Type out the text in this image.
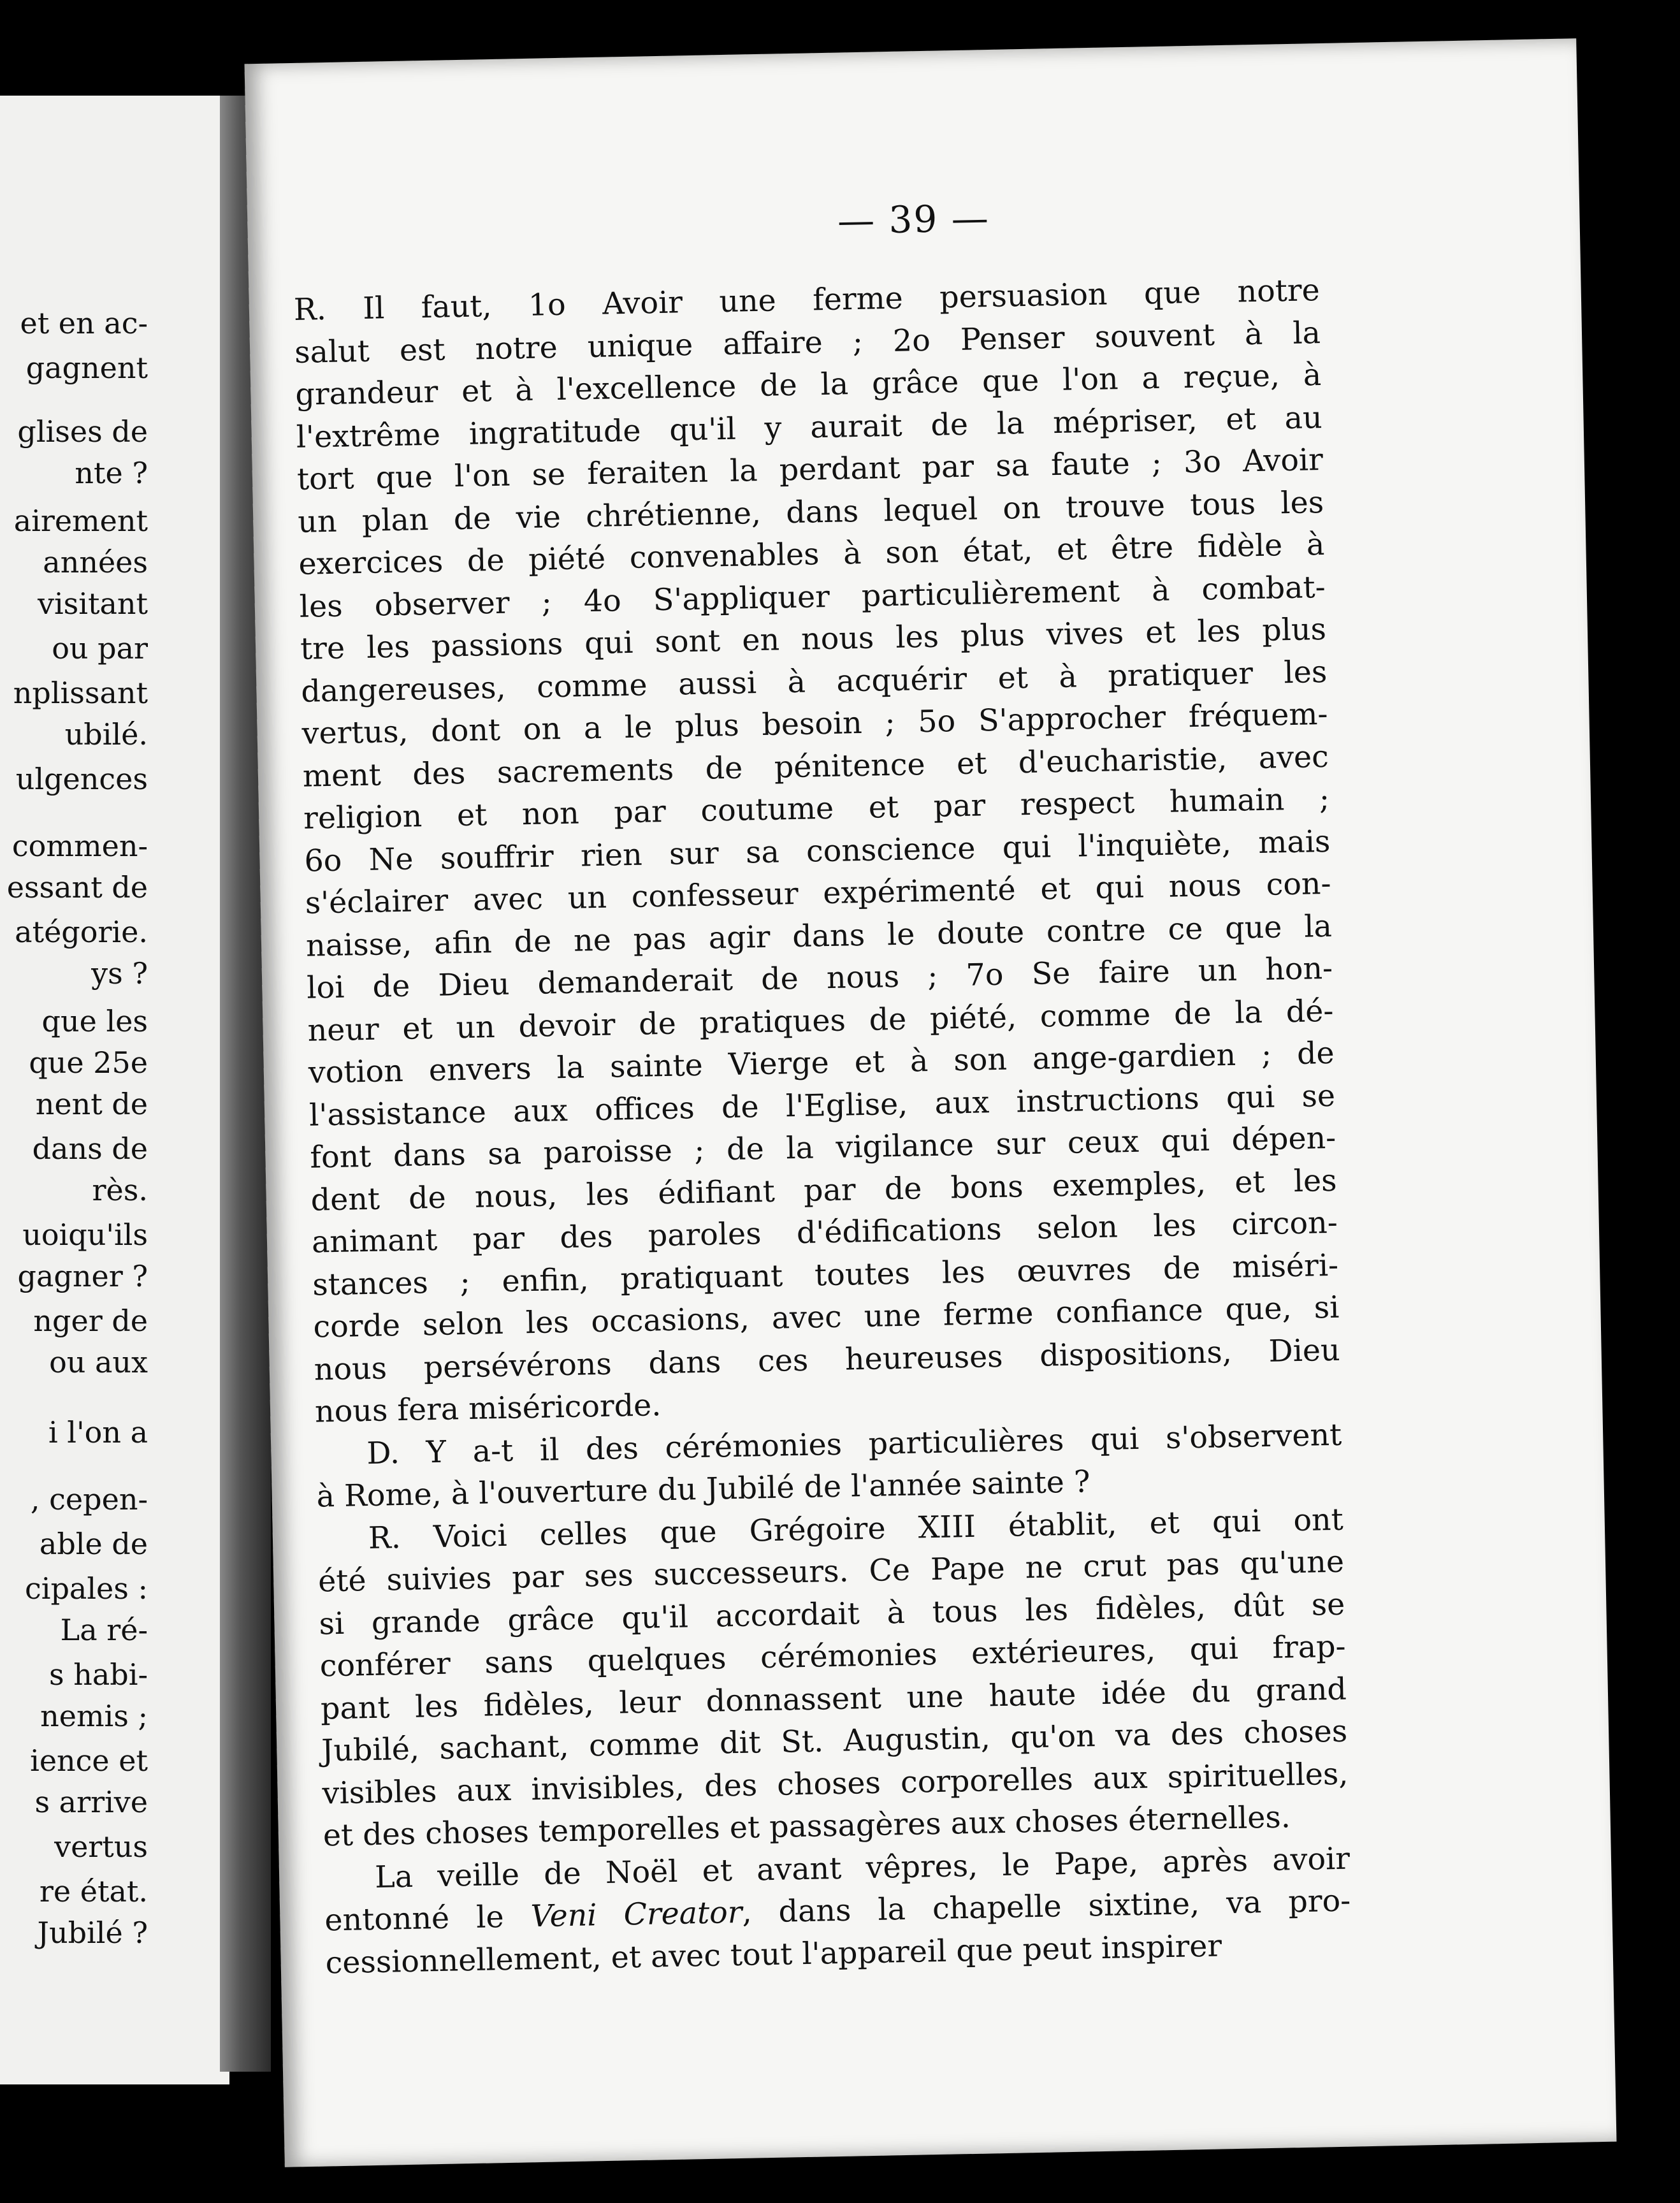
et en ac-
gagnent
glises de
nte ?
airement
années
visitant
ou par
nplissant
ubilé.
ulgences
commen-
essant de
atégorie.
ys ?
que les
que 25e
nent de
dans de
rès.
uoiqu'ils
gagner ?
nger de
ou aux
i l'on a
, cepen-
able de
cipales :
La ré-
s habi-
nemis ;
ience et
s arrive
vertus
re état.
Jubilé ?
— 39 —

R. Il faut, 1o Avoir une ferme persuasion que notre
salut est notre unique affaire ; 2o Penser souvent à la
grandeur et à l'excellence de la grâce que l'on a reçue, à
l'extrême ingratitude qu'il y aurait de la mépriser, et au
tort que l'on se feraiten la perdant par sa faute ; 3o Avoir
un plan de vie chrétienne, dans lequel on trouve tous les
exercices de piété convenables à son état, et être fidèle à
les observer ; 4o S'appliquer particulièrement à combat-
tre les passions qui sont en nous les plus vives et les plus
dangereuses, comme aussi à acquérir et à pratiquer les
vertus, dont on a le plus besoin ; 5o S'approcher fréquem-
ment des sacrements de pénitence et d'eucharistie, avec
religion et non par coutume et par respect humain ;
6o Ne souffrir rien sur sa conscience qui l'inquiète, mais
s'éclairer avec un confesseur expérimenté et qui nous con-
naisse, afin de ne pas agir dans le doute contre ce que la
loi de Dieu demanderait de nous ; 7o Se faire un hon-
neur et un devoir de pratiques de piété, comme de la dé-
votion envers la sainte Vierge et à son ange-gardien ; de
l'assistance aux offices de l'Eglise, aux instructions qui se
font dans sa paroisse ; de la vigilance sur ceux qui dépen-
dent de nous, les édifiant par de bons exemples, et les
animant par des paroles d'édifications selon les circon-
stances ; enfin, pratiquant toutes les œuvres de miséri-
corde selon les occasions, avec une ferme confiance que, si
nous persévérons dans ces heureuses dispositions, Dieu
nous fera miséricorde.

D. Y a-t il des cérémonies particulières qui s'observent
à Rome, à l'ouverture du Jubilé de l'année sainte ?

R. Voici celles que Grégoire XIII établit, et qui ont
été suivies par ses successeurs. Ce Pape ne crut pas qu'une
si grande grâce qu'il accordait à tous les fidèles, dût se
conférer sans quelques cérémonies extérieures, qui frap-
pant les fidèles, leur donnassent une haute idée du grand
Jubilé, sachant, comme dit St. Augustin, qu'on va des choses
visibles aux invisibles, des choses corporelles aux spirituelles,
et des choses temporelles et passagères aux choses éternelles.

La veille de Noël et avant vêpres, le Pape, après avoir
entonné le Veni Creator, dans la chapelle sixtine, va pro-
cessionnellement, et avec tout l'appareil que peut inspirer
